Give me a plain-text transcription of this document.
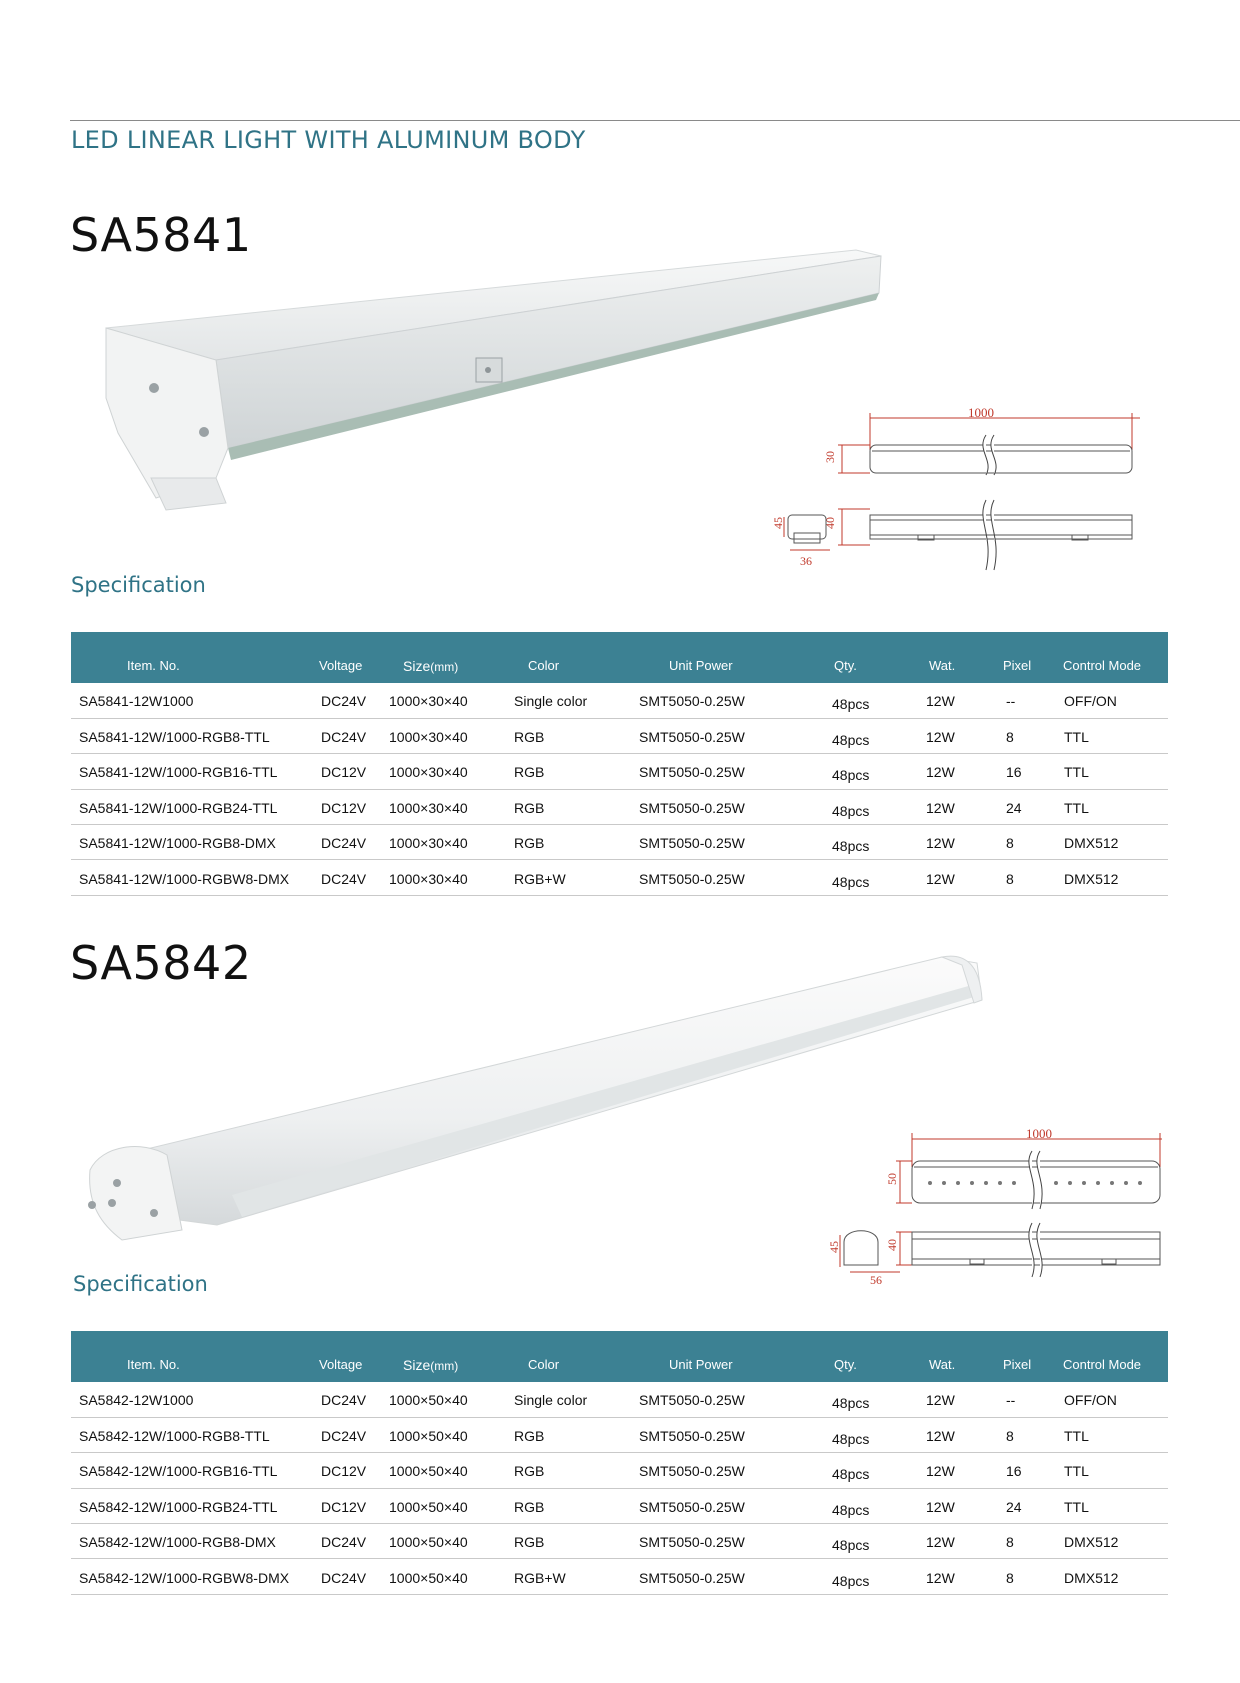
LED LINEAR LIGHT WITH ALUMINUM BODY
SA5841
1000
30
40
45
36
Specification
Item. No.	Voltage	Size(mm)	Color	Unit Power	Qty.	Wat.	Pixel	Control Mode
SA5841-12W1000	DC24V	1000×30×40	Single color	SMT5050-0.25W	48pcs	12W	--	OFF/ON
SA5841-12W/1000-RGB8-TTL	DC24V	1000×30×40	RGB	SMT5050-0.25W	48pcs	12W	8	TTL
SA5841-12W/1000-RGB16-TTL	DC12V	1000×30×40	RGB	SMT5050-0.25W	48pcs	12W	16	TTL
SA5841-12W/1000-RGB24-TTL	DC12V	1000×30×40	RGB	SMT5050-0.25W	48pcs	12W	24	TTL
SA5841-12W/1000-RGB8-DMX	DC24V	1000×30×40	RGB	SMT5050-0.25W	48pcs	12W	8	DMX512
SA5841-12W/1000-RGBW8-DMX	DC24V	1000×30×40	RGB+W	SMT5050-0.25W	48pcs	12W	8	DMX512
SA5842
1000
50
40
45
56
Specification
Item. No.	Voltage	Size(mm)	Color	Unit Power	Qty.	Wat.	Pixel	Control Mode
SA5842-12W1000	DC24V	1000×50×40	Single color	SMT5050-0.25W	48pcs	12W	--	OFF/ON
SA5842-12W/1000-RGB8-TTL	DC24V	1000×50×40	RGB	SMT5050-0.25W	48pcs	12W	8	TTL
SA5842-12W/1000-RGB16-TTL	DC12V	1000×50×40	RGB	SMT5050-0.25W	48pcs	12W	16	TTL
SA5842-12W/1000-RGB24-TTL	DC12V	1000×50×40	RGB	SMT5050-0.25W	48pcs	12W	24	TTL
SA5842-12W/1000-RGB8-DMX	DC24V	1000×50×40	RGB	SMT5050-0.25W	48pcs	12W	8	DMX512
SA5842-12W/1000-RGBW8-DMX	DC24V	1000×50×40	RGB+W	SMT5050-0.25W	48pcs	12W	8	DMX512
